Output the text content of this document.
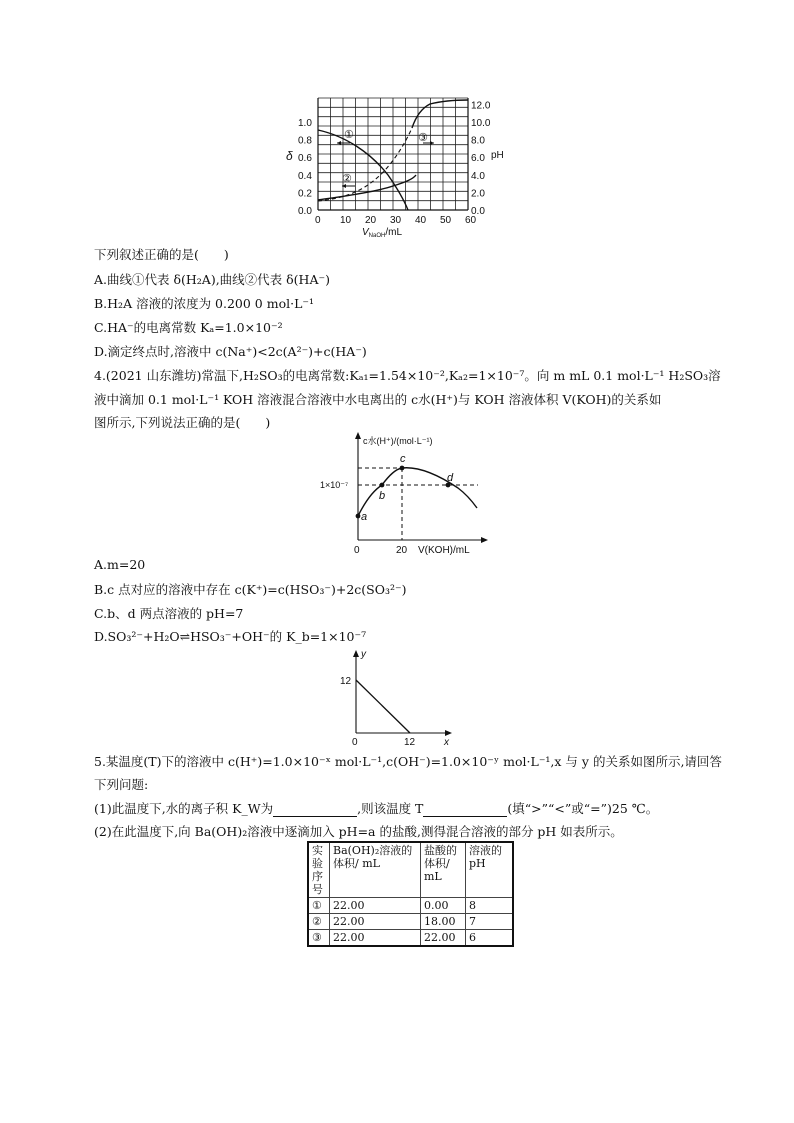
0 10 20 30 40 50 60
0.0
0.2
0.4
0.6
0.8
1.0
0.0
2.0
4.0
6.0
8.0
10.0
12.0
①
②
③
δ	pH
$V_{NaOH}/mL$
下列叙述正确的是(　　)
A.曲线①代表 δ(H₂A),曲线②代表 δ(HA⁻)
B.H₂A 溶液的浓度为 0.200 0 mol·L⁻¹
C.HA⁻的电离常数 Kₐ=1.0×10⁻²
D.滴定终点时,溶液中 c(Na⁺)<2c(A²⁻)+c(HA⁻)
4.(2021 山东潍坊)常温下,H₂SO₃的电离常数:Kₐ₁=1.54×10⁻²,Kₐ₂=1×10⁻⁷。向 m mL 0.1 mol·L⁻¹ H₂SO₃溶
液中滴加 0.1 mol·L⁻¹ KOH 溶液混合溶液中水电离出的 c水(H⁺)与 KOH 溶液体积 V(KOH)的关系如
图所示,下列说法正确的是(　　)
a
b
c
d
c水(H⁺)/(mol·L⁻¹)
1×10⁻⁷
0	20 V(KOH)/mL
A.m=20
B.c 点对应的溶液中存在 c(K⁺)=c(HSO₃⁻)+2c(SO₃²⁻)
C.b、d 两点溶液的 pH=7
D.SO₃²⁻+H₂O⇌HSO₃⁻+OH⁻的 K_b=1×10⁻⁷
y
x
12
12
0
5.某温度(T)下的溶液中 c(H⁺)=1.0×10⁻ˣ mol·L⁻¹,c(OH⁻)=1.0×10⁻ʸ mol·L⁻¹,x 与 y 的关系如图所示,请回答
下列问题:
(1)此温度下,水的离子积 K_W为	,则该温度 T	(填“>”“<”或“=”)25 ℃。
(2)在此温度下,向 Ba(OH)₂溶液中逐滴加入 pH=a 的盐酸,测得混合溶液的部分 pH 如表所示。
实验序号	Ba(OH)₂溶液的体积/ mL	盐酸的体积/ mL	溶液的pH
①	22.00	0.00	8
②	22.00	18.00	7
③	22.00	22.00	6
